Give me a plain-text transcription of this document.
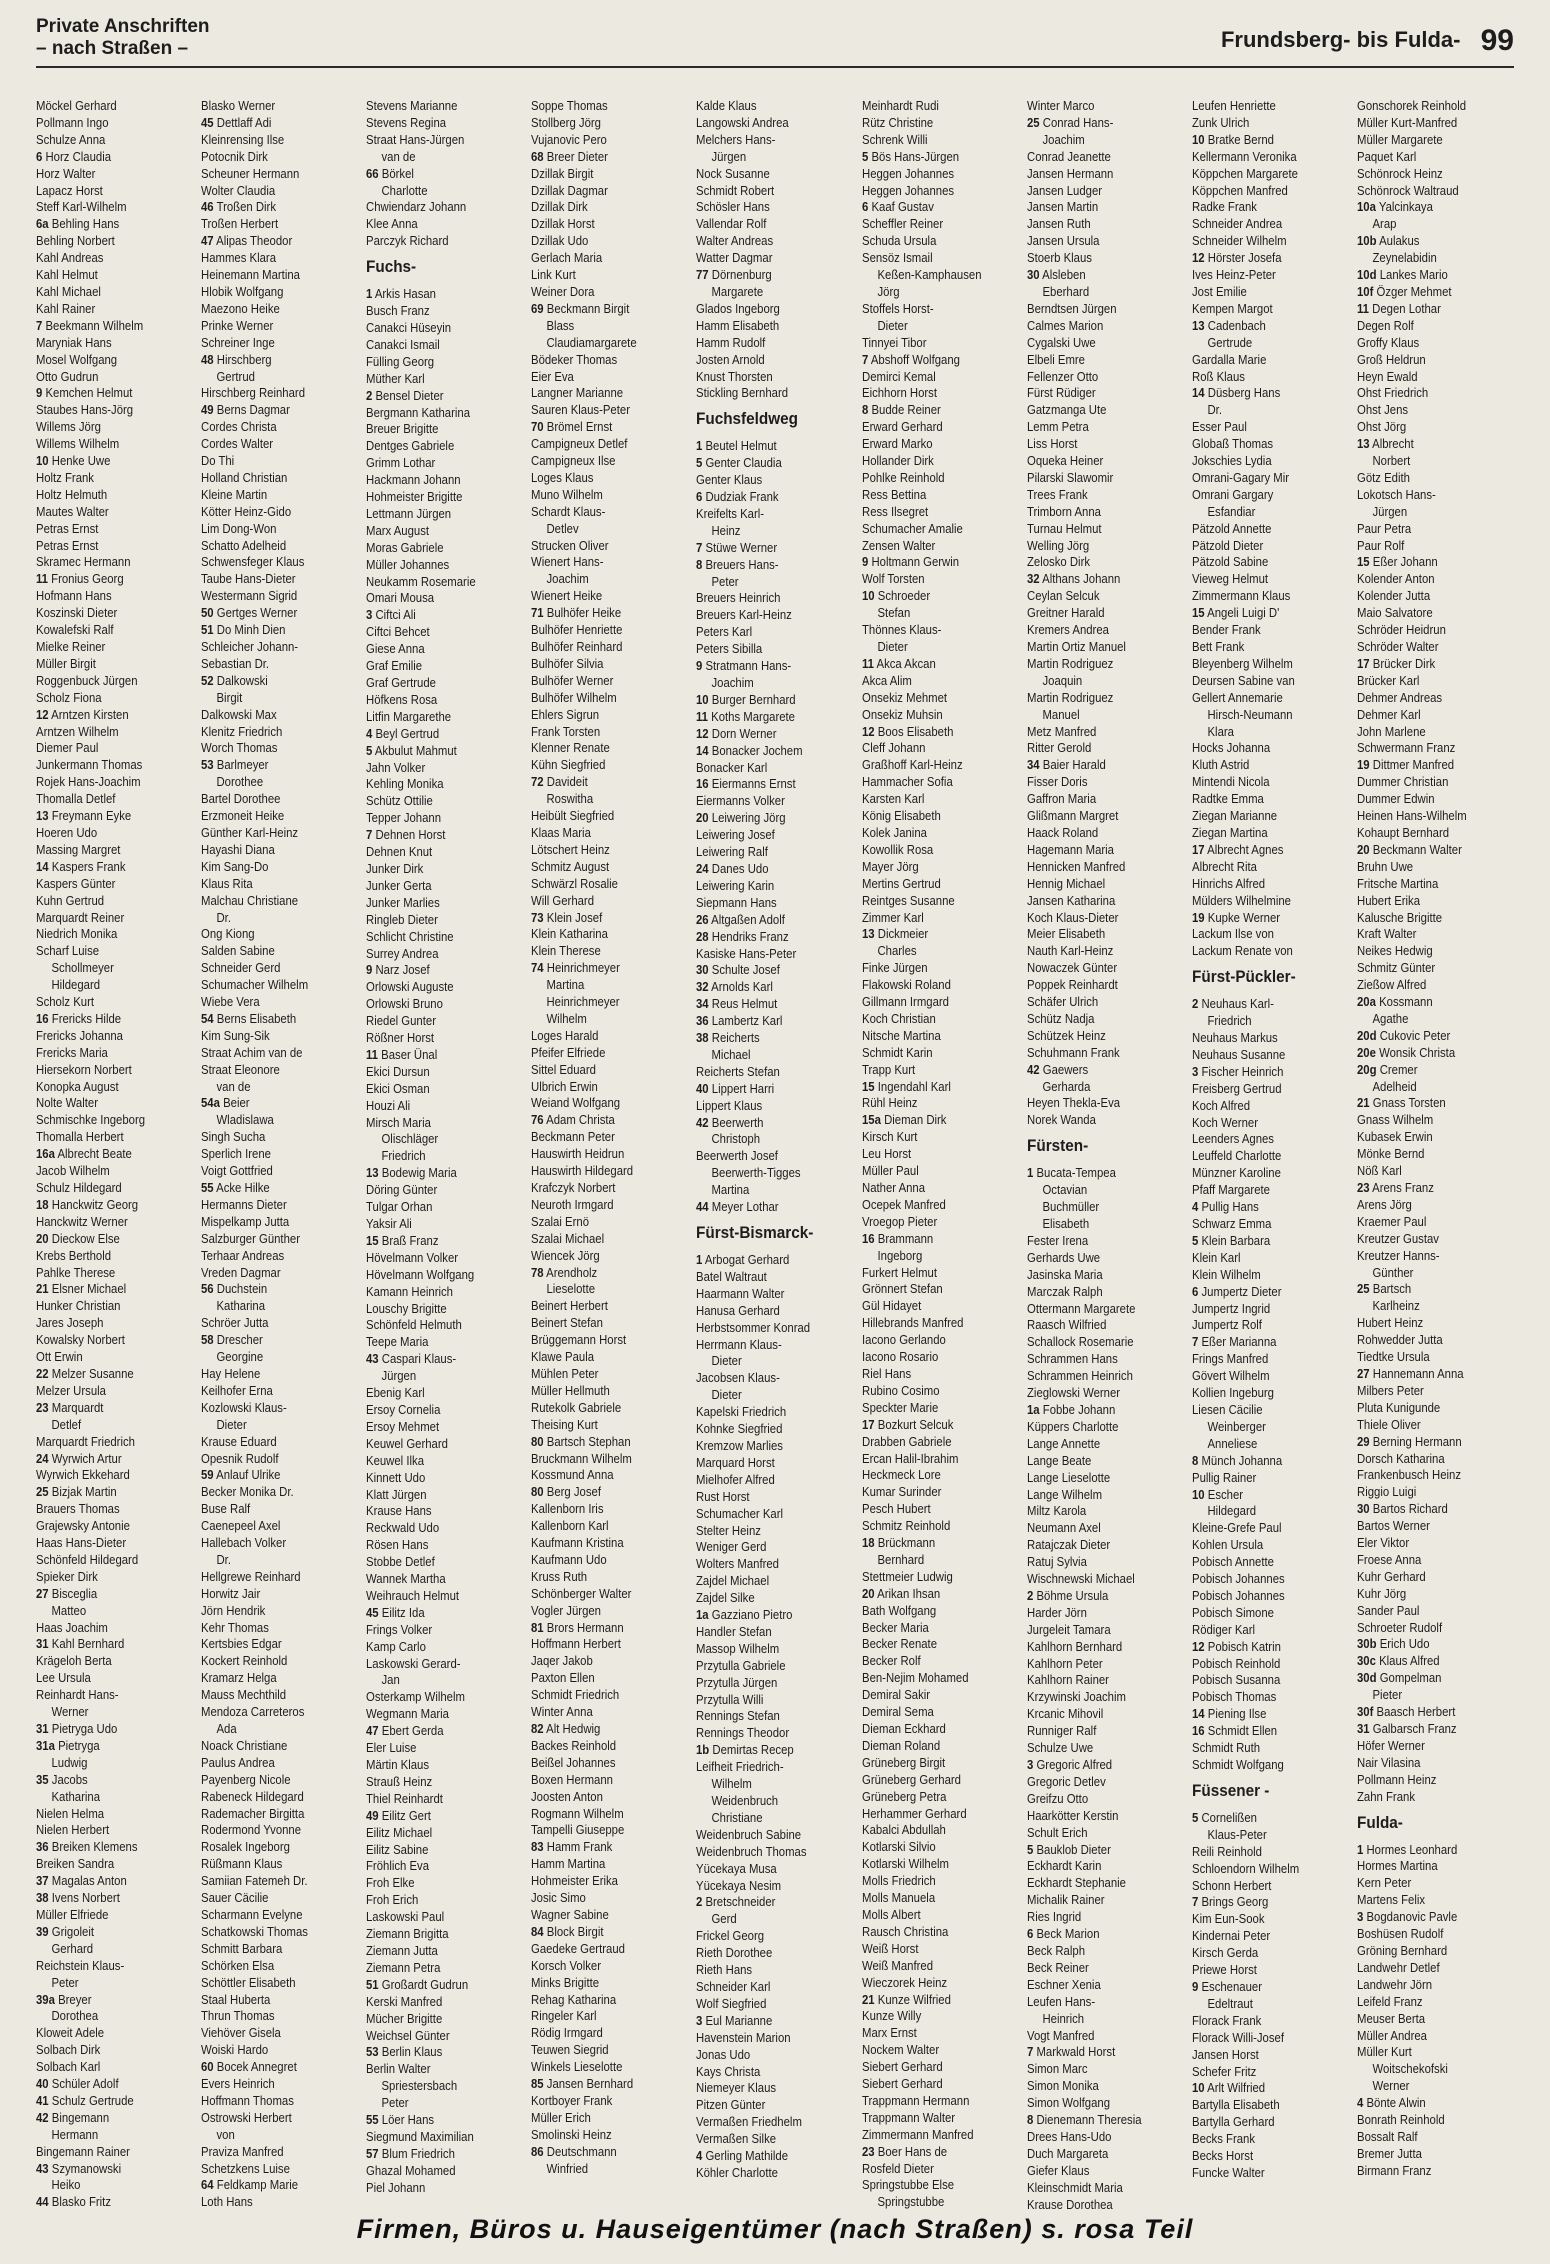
Private Anschriften
– nach Straßen –	Frundsberg- bis Fulda- 99
Möckel Gerhard
Pollmann Ingo
Schulze Anna
6 Horz Claudia
Horz Walter
Lapacz Horst
Steff Karl-Wilhelm
6a Behling Hans
Behling Norbert
Kahl Andreas
Kahl Helmut
Kahl Michael
Kahl Rainer
7 Beekmann Wilhelm
Maryniak Hans
Mosel Wolfgang
Otto Gudrun
9 Kemchen Helmut
Staubes Hans-Jörg
Willems Jörg
Willems Wilhelm
10 Henke Uwe
Holtz Frank
Holtz Helmuth
Mautes Walter
Petras Ernst
Petras Ernst
Skramec Hermann
11 Fronius Georg
Hofmann Hans
Koszinski Dieter
Kowalefski Ralf
Mielke Reiner
Müller Birgit
Roggenbuck Jürgen
Scholz Fiona
12 Arntzen Kirsten
Arntzen Wilhelm
Diemer Paul
Junkermann Thomas
Rojek Hans-Joachim
Thomalla Detlef
13 Freymann Eyke
Hoeren Udo
Massing Margret
14 Kaspers Frank
Kaspers Günter
Kuhn Gertrud
Marquardt Reiner
Niedrich Monika
Scharf Luise
Schollmeyer
Hildegard
Scholz Kurt
16 Frericks Hilde
Frericks Johanna
Frericks Maria
Hiersekorn Norbert
Konopka August
Nolte Walter
Schmischke Ingeborg
Thomalla Herbert
16a Albrecht Beate
Jacob Wilhelm
Schulz Hildegard
18 Hanckwitz Georg
Hanckwitz Werner
20 Dieckow Else
Krebs Berthold
Pahlke Therese
21 Elsner Michael
Hunker Christian
Jares Joseph
Kowalsky Norbert
Ott Erwin
22 Melzer Susanne
Melzer Ursula
23 Marquardt
Detlef
Marquardt Friedrich
24 Wyrwich Artur
Wyrwich Ekkehard
25 Bizjak Martin
Brauers Thomas
Grajewsky Antonie
Haas Hans-Dieter
Schönfeld Hildegard
Spieker Dirk
27 Bisceglia
Matteo
Haas Joachim
31 Kahl Bernhard
Krägeloh Berta
Lee Ursula
Reinhardt Hans-
Werner
31 Pietryga Udo
31a Pietryga
Ludwig
35 Jacobs
Katharina
Nielen Helma
Nielen Herbert
36 Breiken Klemens
Breiken Sandra
37 Magalas Anton
38 Ivens Norbert
Müller Elfriede
39 Grigoleit
Gerhard
Reichstein Klaus-
Peter
39a Breyer
Dorothea
Kloweit Adele
Solbach Dirk
Solbach Karl
40 Schüler Adolf
41 Schulz Gertrude
42 Bingemann
Hermann
Bingemann Rainer
43 Szymanowski
Heiko
44 Blasko Fritz
Blasko Werner
45 Dettlaff Adi
Kleinrensing Ilse
Potocnik Dirk
Scheuner Hermann
Wolter Claudia
46 Troßen Dirk
Troßen Herbert
47 Alipas Theodor
Hammes Klara
Heinemann Martina
Hlobik Wolfgang
Maezono Heike
Prinke Werner
Schreiner Inge
48 Hirschberg
Gertrud
Hirschberg Reinhard
49 Berns Dagmar
Cordes Christa
Cordes Walter
Do Thi
Holland Christian
Kleine Martin
Kötter Heinz-Gido
Lim Dong-Won
Schatto Adelheid
Schwensfeger Klaus
Taube Hans-Dieter
Westermann Sigrid
50 Gertges Werner
51 Do Minh Dien
Schleicher Johann-
Sebastian Dr.
52 Dalkowski
Birgit
Dalkowski Max
Klenitz Friedrich
Worch Thomas
53 Barlmeyer
Dorothee
Bartel Dorothee
Erzmoneit Heike
Günther Karl-Heinz
Hayashi Diana
Kim Sang-Do
Klaus Rita
Malchau Christiane
Dr.
Ong Kiong
Salden Sabine
Schneider Gerd
Schumacher Wilhelm
Wiebe Vera
54 Berns Elisabeth
Kim Sung-Sik
Straat Achim van de
Straat Eleonore
van de
54a Beier
Wladislawa
Singh Sucha
Sperlich Irene
Voigt Gottfried
55 Acke Hilke
Hermanns Dieter
Mispelkamp Jutta
Salzburger Günther
Terhaar Andreas
Vreden Dagmar
56 Duchstein
Katharina
Schröer Jutta
58 Drescher
Georgine
Hay Helene
Keilhofer Erna
Kozlowski Klaus-
Dieter
Krause Eduard
Opesnik Rudolf
59 Anlauf Ulrike
Becker Monika Dr.
Buse Ralf
Caenepeel Axel
Hallebach Volker
Dr.
Hellgrewe Reinhard
Horwitz Jair
Jörn Hendrik
Kehr Thomas
Kertsbies Edgar
Kockert Reinhold
Kramarz Helga
Mauss Mechthild
Mendoza Carreteros
Ada
Noack Christiane
Paulus Andrea
Payenberg Nicole
Rabeneck Hildegard
Rademacher Birgitta
Rodermond Yvonne
Rosalek Ingeborg
Rüßmann Klaus
Samiian Fatemeh Dr.
Sauer Cäcilie
Scharmann Evelyne
Schatkowski Thomas
Schmitt Barbara
Schörken Elsa
Schöttler Elisabeth
Staal Huberta
Thrun Thomas
Viehöver Gisela
Woiski Hardo
60 Bocek Annegret
Evers Heinrich
Hoffmann Thomas
Ostrowski Herbert
von
Praviza Manfred
Schetzkens Luise
64 Feldkamp Marie
Loth Hans
Stevens Marianne
Stevens Regina
Straat Hans-Jürgen
van de
66 Börkel
Charlotte
Chwiendarz Johann
Klee Anna
Parczyk Richard
Fuchs-
1 Arkis Hasan
Busch Franz
Canakci Hüseyin
Canakci Ismail
Fülling Georg
Müther Karl
2 Bensel Dieter
Bergmann Katharina
Breuer Brigitte
Dentges Gabriele
Grimm Lothar
Hackmann Johann
Hohmeister Brigitte
Lettmann Jürgen
Marx August
Moras Gabriele
Müller Johannes
Neukamm Rosemarie
Omari Mousa
3 Ciftci Ali
Ciftci Behcet
Giese Anna
Graf Emilie
Graf Gertrude
Höfkens Rosa
Litfin Margarethe
4 Beyl Gertrud
5 Akbulut Mahmut
Jahn Volker
Kehling Monika
Schütz Ottilie
Tepper Johann
7 Dehnen Horst
Dehnen Knut
Junker Dirk
Junker Gerta
Junker Marlies
Ringleb Dieter
Schlicht Christine
Surrey Andrea
9 Narz Josef
Orlowski Auguste
Orlowski Bruno
Riedel Gunter
Rößner Horst
11 Baser Ünal
Ekici Dursun
Ekici Osman
Houzi Ali
Mirsch Maria
Olischläger
Friedrich
13 Bodewig Maria
Döring Günter
Tulgar Orhan
Yaksir Ali
15 Braß Franz
Hövelmann Volker
Hövelmann Wolfgang
Kamann Heinrich
Louschy Brigitte
Schönfeld Helmuth
Teepe Maria
43 Caspari Klaus-
Jürgen
Ebenig Karl
Ersoy Cornelia
Ersoy Mehmet
Keuwel Gerhard
Keuwel Ilka
Kinnett Udo
Klatt Jürgen
Krause Hans
Reckwald Udo
Rösen Hans
Stobbe Detlef
Wannek Martha
Weihrauch Helmut
45 Eilitz Ida
Frings Volker
Kamp Carlo
Laskowski Gerard-
Jan
Osterkamp Wilhelm
Wegmann Maria
47 Ebert Gerda
Eler Luise
Märtin Klaus
Strauß Heinz
Thiel Reinhardt
49 Eilitz Gert
Eilitz Michael
Eilitz Sabine
Fröhlich Eva
Froh Elke
Froh Erich
Laskowski Paul
Ziemann Brigitta
Ziemann Jutta
Ziemann Petra
51 Großardt Gudrun
Kerski Manfred
Mücher Brigitte
Weichsel Günter
53 Berlin Klaus
Berlin Walter
Spriestersbach
Peter
55 Löer Hans
Siegmund Maximilian
57 Blum Friedrich
Ghazal Mohamed
Piel Johann
Soppe Thomas
Stollberg Jörg
Vujanovic Pero
68 Breer Dieter
Dzillak Birgit
Dzillak Dagmar
Dzillak Dirk
Dzillak Horst
Dzillak Udo
Gerlach Maria
Link Kurt
Weiner Dora
69 Beckmann Birgit
Blass
Claudiamargarete
Bödeker Thomas
Eier Eva
Langner Marianne
Sauren Klaus-Peter
70 Brömel Ernst
Campigneux Detlef
Campigneux Ilse
Loges Klaus
Muno Wilhelm
Schardt Klaus-
Detlev
Strucken Oliver
Wienert Hans-
Joachim
Wienert Heike
71 Bulhöfer Heike
Bulhöfer Henriette
Bulhöfer Reinhard
Bulhöfer Silvia
Bulhöfer Werner
Bulhöfer Wilhelm
Ehlers Sigrun
Frank Torsten
Klenner Renate
Kühn Siegfried
72 Davideit
Roswitha
Heibült Siegfried
Klaas Maria
Lötschert Heinz
Schmitz August
Schwärzl Rosalie
Will Gerhard
73 Klein Josef
Klein Katharina
Klein Therese
74 Heinrichmeyer
Martina
Heinrichmeyer
Wilhelm
Loges Harald
Pfeifer Elfriede
Sittel Eduard
Ulbrich Erwin
Weiand Wolfgang
76 Adam Christa
Beckmann Peter
Hauswirth Heidrun
Hauswirth Hildegard
Krafczyk Norbert
Neuroth Irmgard
Szalai Ernö
Szalai Michael
Wiencek Jörg
78 Arendholz
Lieselotte
Beinert Herbert
Beinert Stefan
Brüggemann Horst
Klawe Paula
Mühlen Peter
Müller Hellmuth
Rutekolk Gabriele
Theising Kurt
80 Bartsch Stephan
Bruckmann Wilhelm
Kossmund Anna
80 Berg Josef
Kallenborn Iris
Kallenborn Karl
Kaufmann Kristina
Kaufmann Udo
Kruss Ruth
Schönberger Walter
Vogler Jürgen
81 Brors Hermann
Hoffmann Herbert
Jaqer Jakob
Paxton Ellen
Schmidt Friedrich
Winter Anna
82 Alt Hedwig
Backes Reinhold
Beißel Johannes
Boxen Hermann
Joosten Anton
Rogmann Wilhelm
Tampelli Giuseppe
83 Hamm Frank
Hamm Martina
Hohmeister Erika
Josic Simo
Wagner Sabine
84 Block Birgit
Gaedeke Gertraud
Korsch Volker
Minks Brigitte
Rehag Katharina
Ringeler Karl
Rödig Irmgard
Teuwen Siegrid
Winkels Lieselotte
85 Jansen Bernhard
Kortboyer Frank
Müller Erich
Smolinski Heinz
86 Deutschmann
Winfried
Kalde Klaus
Langowski Andrea
Melchers Hans-
Jürgen
Nock Susanne
Schmidt Robert
Schösler Hans
Vallendar Rolf
Walter Andreas
Watter Dagmar
77 Dörnenburg
Margarete
Glados Ingeborg
Hamm Elisabeth
Hamm Rudolf
Josten Arnold
Knust Thorsten
Stickling Bernhard
Fuchsfeldweg
1 Beutel Helmut
5 Genter Claudia
Genter Klaus
6 Dudziak Frank
Kreifelts Karl-
Heinz
7 Stüwe Werner
8 Breuers Hans-
Peter
Breuers Heinrich
Breuers Karl-Heinz
Peters Karl
Peters Sibilla
9 Stratmann Hans-
Joachim
10 Burger Bernhard
11 Koths Margarete
12 Dorn Werner
14 Bonacker Jochem
Bonacker Karl
16 Eiermanns Ernst
Eiermanns Volker
20 Leiwering Jörg
Leiwering Josef
Leiwering Ralf
24 Danes Udo
Leiwering Karin
Siepmann Hans
26 Altgaßen Adolf
28 Hendriks Franz
Kasiske Hans-Peter
30 Schulte Josef
32 Arnolds Karl
34 Reus Helmut
36 Lambertz Karl
38 Reicherts
Michael
Reicherts Stefan
40 Lippert Harri
Lippert Klaus
42 Beerwerth
Christoph
Beerwerth Josef
Beerwerth-Tigges
Martina
44 Meyer Lothar
Fürst-Bismarck-
1 Arbogat Gerhard
Batel Waltraut
Haarmann Walter
Hanusa Gerhard
Herbstsommer Konrad
Herrmann Klaus-
Dieter
Jacobsen Klaus-
Dieter
Kapelski Friedrich
Kohnke Siegfried
Kremzow Marlies
Marquard Horst
Mielhofer Alfred
Rust Horst
Schumacher Karl
Stelter Heinz
Weniger Gerd
Wolters Manfred
Zajdel Michael
Zajdel Silke
1a Gazziano Pietro
Handler Stefan
Massop Wilhelm
Przytulla Gabriele
Przytulla Jürgen
Przytulla Willi
Rennings Stefan
Rennings Theodor
1b Demirtas Recep
Leifheit Friedrich-
Wilhelm
Weidenbruch
Christiane
Weidenbruch Sabine
Weidenbruch Thomas
Yücekaya Musa
Yücekaya Nesim
2 Bretschneider
Gerd
Frickel Georg
Rieth Dorothee
Rieth Hans
Schneider Karl
Wolf Siegfried
3 Eul Marianne
Havenstein Marion
Jonas Udo
Kays Christa
Niemeyer Klaus
Pitzen Günter
Vermaßen Friedhelm
Vermaßen Silke
4 Gerling Mathilde
Köhler Charlotte
Meinhardt Rudi
Rütz Christine
Schrenk Willi
5 Bös Hans-Jürgen
Heggen Johannes
Heggen Johannes
6 Kaaf Gustav
Scheffler Reiner
Schuda Ursula
Sensöz Ismail
Keßen-Kamphausen
Jörg
Stoffels Horst-
Dieter
Tinnyei Tibor
7 Abshoff Wolfgang
Demirci Kemal
Eichhorn Horst
8 Budde Reiner
Erward Gerhard
Erward Marko
Hollander Dirk
Pohlke Reinhold
Ress Bettina
Ress Ilsegret
Schumacher Amalie
Zensen Walter
9 Holtmann Gerwin
Wolf Torsten
10 Schroeder
Stefan
Thönnes Klaus-
Dieter
11 Akca Akcan
Akca Alim
Onsekiz Mehmet
Onsekiz Muhsin
12 Boos Elisabeth
Cleff Johann
Graßhoff Karl-Heinz
Hammacher Sofia
Karsten Karl
König Elisabeth
Kolek Janina
Kowollik Rosa
Mayer Jörg
Mertins Gertrud
Reintges Susanne
Zimmer Karl
13 Dickmeier
Charles
Finke Jürgen
Flakowski Roland
Gillmann Irmgard
Koch Christian
Nitsche Martina
Schmidt Karin
Trapp Kurt
15 Ingendahl Karl
Rühl Heinz
15a Dieman Dirk
Kirsch Kurt
Leu Horst
Müller Paul
Nather Anna
Ocepek Manfred
Vroegop Pieter
16 Brammann
Ingeborg
Furkert Helmut
Grönnert Stefan
Gül Hidayet
Hillebrands Manfred
Iacono Gerlando
Iacono Rosario
Riel Hans
Rubino Cosimo
Speckter Marie
17 Bozkurt Selcuk
Drabben Gabriele
Ercan Halil-Ibrahim
Heckmeck Lore
Kumar Surinder
Pesch Hubert
Schmitz Reinhold
18 Brückmann
Bernhard
Stettmeier Ludwig
20 Arikan Ihsan
Bath Wolfgang
Becker Maria
Becker Renate
Becker Rolf
Ben-Nejim Mohamed
Demiral Sakir
Demiral Sema
Dieman Eckhard
Dieman Roland
Grüneberg Birgit
Grüneberg Gerhard
Grüneberg Petra
Herhammer Gerhard
Kabalci Abdullah
Kotlarski Silvio
Kotlarski Wilhelm
Molls Friedrich
Molls Manuela
Molls Albert
Rausch Christina
Weiß Horst
Weiß Manfred
Wieczorek Heinz
21 Kunze Wilfried
Kunze Willy
Marx Ernst
Nockem Walter
Siebert Gerhard
Siebert Gerhard
Trappmann Hermann
Trappmann Walter
Zimmermann Manfred
23 Boer Hans de
Rosfeld Dieter
Springstubbe Else
Springstubbe
Winter Marco
25 Conrad Hans-
Joachim
Conrad Jeanette
Jansen Hermann
Jansen Ludger
Jansen Martin
Jansen Ruth
Jansen Ursula
Stoerb Klaus
30 Alsleben
Eberhard
Berndtsen Jürgen
Calmes Marion
Cygalski Uwe
Elbeli Emre
Fellenzer Otto
Fürst Rüdiger
Gatzmanga Ute
Lemm Petra
Liss Horst
Oqueka Heiner
Pilarski Slawomir
Trees Frank
Trimborn Anna
Turnau Helmut
Welling Jörg
Zelosko Dirk
32 Althans Johann
Ceylan Selcuk
Greitner Harald
Kremers Andrea
Martin Ortiz Manuel
Martin Rodriguez
Joaquin
Martin Rodriguez
Manuel
Metz Manfred
Ritter Gerold
34 Baier Harald
Fisser Doris
Gaffron Maria
Glißmann Margret
Haack Roland
Hagemann Maria
Hennicken Manfred
Hennig Michael
Jansen Katharina
Koch Klaus-Dieter
Meier Elisabeth
Nauth Karl-Heinz
Nowaczek Günter
Poppek Reinhardt
Schäfer Ulrich
Schütz Nadja
Schützek Heinz
Schuhmann Frank
42 Gaewers
Gerharda
Heyen Thekla-Eva
Norek Wanda
Fürsten-
1 Bucata-Tempea
Octavian
Buchmüller
Elisabeth
Fester Irena
Gerhards Uwe
Jasinska Maria
Marczak Ralph
Ottermann Margarete
Raasch Wilfried
Schallock Rosemarie
Schrammen Hans
Schrammen Heinrich
Zieglowski Werner
1a Fobbe Johann
Küppers Charlotte
Lange Annette
Lange Beate
Lange Lieselotte
Lange Wilhelm
Miltz Karola
Neumann Axel
Ratajczak Dieter
Ratuj Sylvia
Wischnewski Michael
2 Böhme Ursula
Harder Jörn
Jurgeleit Tamara
Kahlhorn Bernhard
Kahlhorn Peter
Kahlhorn Rainer
Krzywinski Joachim
Krcanic Mihovil
Runniger Ralf
Schulze Uwe
3 Gregoric Alfred
Gregoric Detlev
Greifzu Otto
Haarkötter Kerstin
Schult Erich
5 Bauklob Dieter
Eckhardt Karin
Eckhardt Stephanie
Michalik Rainer
Ries Ingrid
6 Beck Marion
Beck Ralph
Beck Reiner
Eschner Xenia
Leufen Hans-
Heinrich
Vogt Manfred
7 Markwald Horst
Simon Marc
Simon Monika
Simon Wolfgang
8 Dienemann Theresia
Drees Hans-Udo
Duch Margareta
Giefer Klaus
Kleinschmidt Maria
Krause Dorothea
Leufen Henriette
Zunk Ulrich
10 Bratke Bernd
Kellermann Veronika
Köppchen Margarete
Köppchen Manfred
Radke Frank
Schneider Andrea
Schneider Wilhelm
12 Hörster Josefa
Ives Heinz-Peter
Jost Emilie
Kempen Margot
13 Cadenbach
Gertrude
Gardalla Marie
Roß Klaus
14 Düsberg Hans
Dr.
Esser Paul
Globaß Thomas
Jokschies Lydia
Omrani-Gagary Mir
Omrani Gargary
Esfandiar
Pätzold Annette
Pätzold Dieter
Pätzold Sabine
Vieweg Helmut
Zimmermann Klaus
15 Angeli Luigi D'
Bender Frank
Bett Frank
Bleyenberg Wilhelm
Deursen Sabine van
Gellert Annemarie
Hirsch-Neumann
Klara
Hocks Johanna
Kluth Astrid
Mintendi Nicola
Radtke Emma
Ziegan Marianne
Ziegan Martina
17 Albrecht Agnes
Albrecht Rita
Hinrichs Alfred
Mülders Wilhelmine
19 Kupke Werner
Lackum Ilse von
Lackum Renate von
Fürst-Pückler-
2 Neuhaus Karl-
Friedrich
Neuhaus Markus
Neuhaus Susanne
3 Fischer Heinrich
Freisberg Gertrud
Koch Alfred
Koch Werner
Leenders Agnes
Leuffeld Charlotte
Münzner Karoline
Pfaff Margarete
4 Pullig Hans
Schwarz Emma
5 Klein Barbara
Klein Karl
Klein Wilhelm
6 Jumpertz Dieter
Jumpertz Ingrid
Jumpertz Rolf
7 Eßer Marianna
Frings Manfred
Gövert Wilhelm
Kollien Ingeburg
Liesen Cäcilie
Weinberger
Anneliese
8 Münch Johanna
Pullig Rainer
10 Escher
Hildegard
Kleine-Grefe Paul
Kohlen Ursula
Pobisch Annette
Pobisch Johannes
Pobisch Johannes
Pobisch Simone
Rödiger Karl
12 Pobisch Katrin
Pobisch Reinhold
Pobisch Susanna
Pobisch Thomas
14 Piening Ilse
16 Schmidt Ellen
Schmidt Ruth
Schmidt Wolfgang
Füssener -
5 Cornelißen
Klaus-Peter
Reili Reinhold
Schloendorn Wilhelm
Schonn Herbert
7 Brings Georg
Kim Eun-Sook
Kindernai Peter
Kirsch Gerda
Priewe Horst
9 Eschenauer
Edeltraut
Florack Frank
Florack Willi-Josef
Jansen Horst
Schefer Fritz
10 Arlt Wilfried
Bartylla Elisabeth
Bartylla Gerhard
Becks Frank
Becks Horst
Funcke Walter
Gonschorek Reinhold
Müller Kurt-Manfred
Müller Margarete
Paquet Karl
Schönrock Heinz
Schönrock Waltraud
10a Yalcinkaya
Arap
10b Aulakus
Zeynelabidin
10d Lankes Mario
10f Özger Mehmet
11 Degen Lothar
Degen Rolf
Groffy Klaus
Groß Heldrun
Heyn Ewald
Ohst Friedrich
Ohst Jens
Ohst Jörg
13 Albrecht
Norbert
Götz Edith
Lokotsch Hans-
Jürgen
Paur Petra
Paur Rolf
15 Eßer Johann
Kolender Anton
Kolender Jutta
Maio Salvatore
Schröder Heidrun
Schröder Walter
17 Brücker Dirk
Brücker Karl
Dehmer Andreas
Dehmer Karl
John Marlene
Schwermann Franz
19 Dittmer Manfred
Dummer Christian
Dummer Edwin
Heinen Hans-Wilhelm
Kohaupt Bernhard
20 Beckmann Walter
Bruhn Uwe
Fritsche Martina
Hubert Erika
Kalusche Brigitte
Kraft Walter
Neikes Hedwig
Schmitz Günter
Zießow Alfred
20a Kossmann
Agathe
20d Cukovic Peter
20e Wonsik Christa
20g Cremer
Adelheid
21 Gnass Torsten
Gnass Wilhelm
Kubasek Erwin
Mönke Bernd
Nöß Karl
23 Arens Franz
Arens Jörg
Kraemer Paul
Kreutzer Gustav
Kreutzer Hanns-
Günther
25 Bartsch
Karlheinz
Hubert Heinz
Rohwedder Jutta
Tiedtke Ursula
27 Hannemann Anna
Milbers Peter
Pluta Kunigunde
Thiele Oliver
29 Berning Hermann
Dorsch Katharina
Frankenbusch Heinz
Riggio Luigi
30 Bartos Richard
Bartos Werner
Eler Viktor
Froese Anna
Kuhr Gerhard
Kuhr Jörg
Sander Paul
Schroeter Rudolf
30b Erich Udo
30c Klaus Alfred
30d Gompelman
Pieter
30f Baasch Herbert
31 Galbarsch Franz
Höfer Werner
Nair Vilasina
Pollmann Heinz
Zahn Frank
Fulda-
1 Hormes Leonhard
Hormes Martina
Kern Peter
Martens Felix
3 Bogdanovic Pavle
Boshüsen Rudolf
Gröning Bernhard
Landwehr Detlef
Landwehr Jörn
Leifeld Franz
Meuser Berta
Müller Andrea
Müller Kurt
Woitschekofski
Werner
4 Bönte Alwin
Bonrath Reinhold
Bossalt Ralf
Bremer Jutta
Birmann Franz
Firmen, Büros u. Hauseigentümer (nach Straßen) s. rosa Teil
